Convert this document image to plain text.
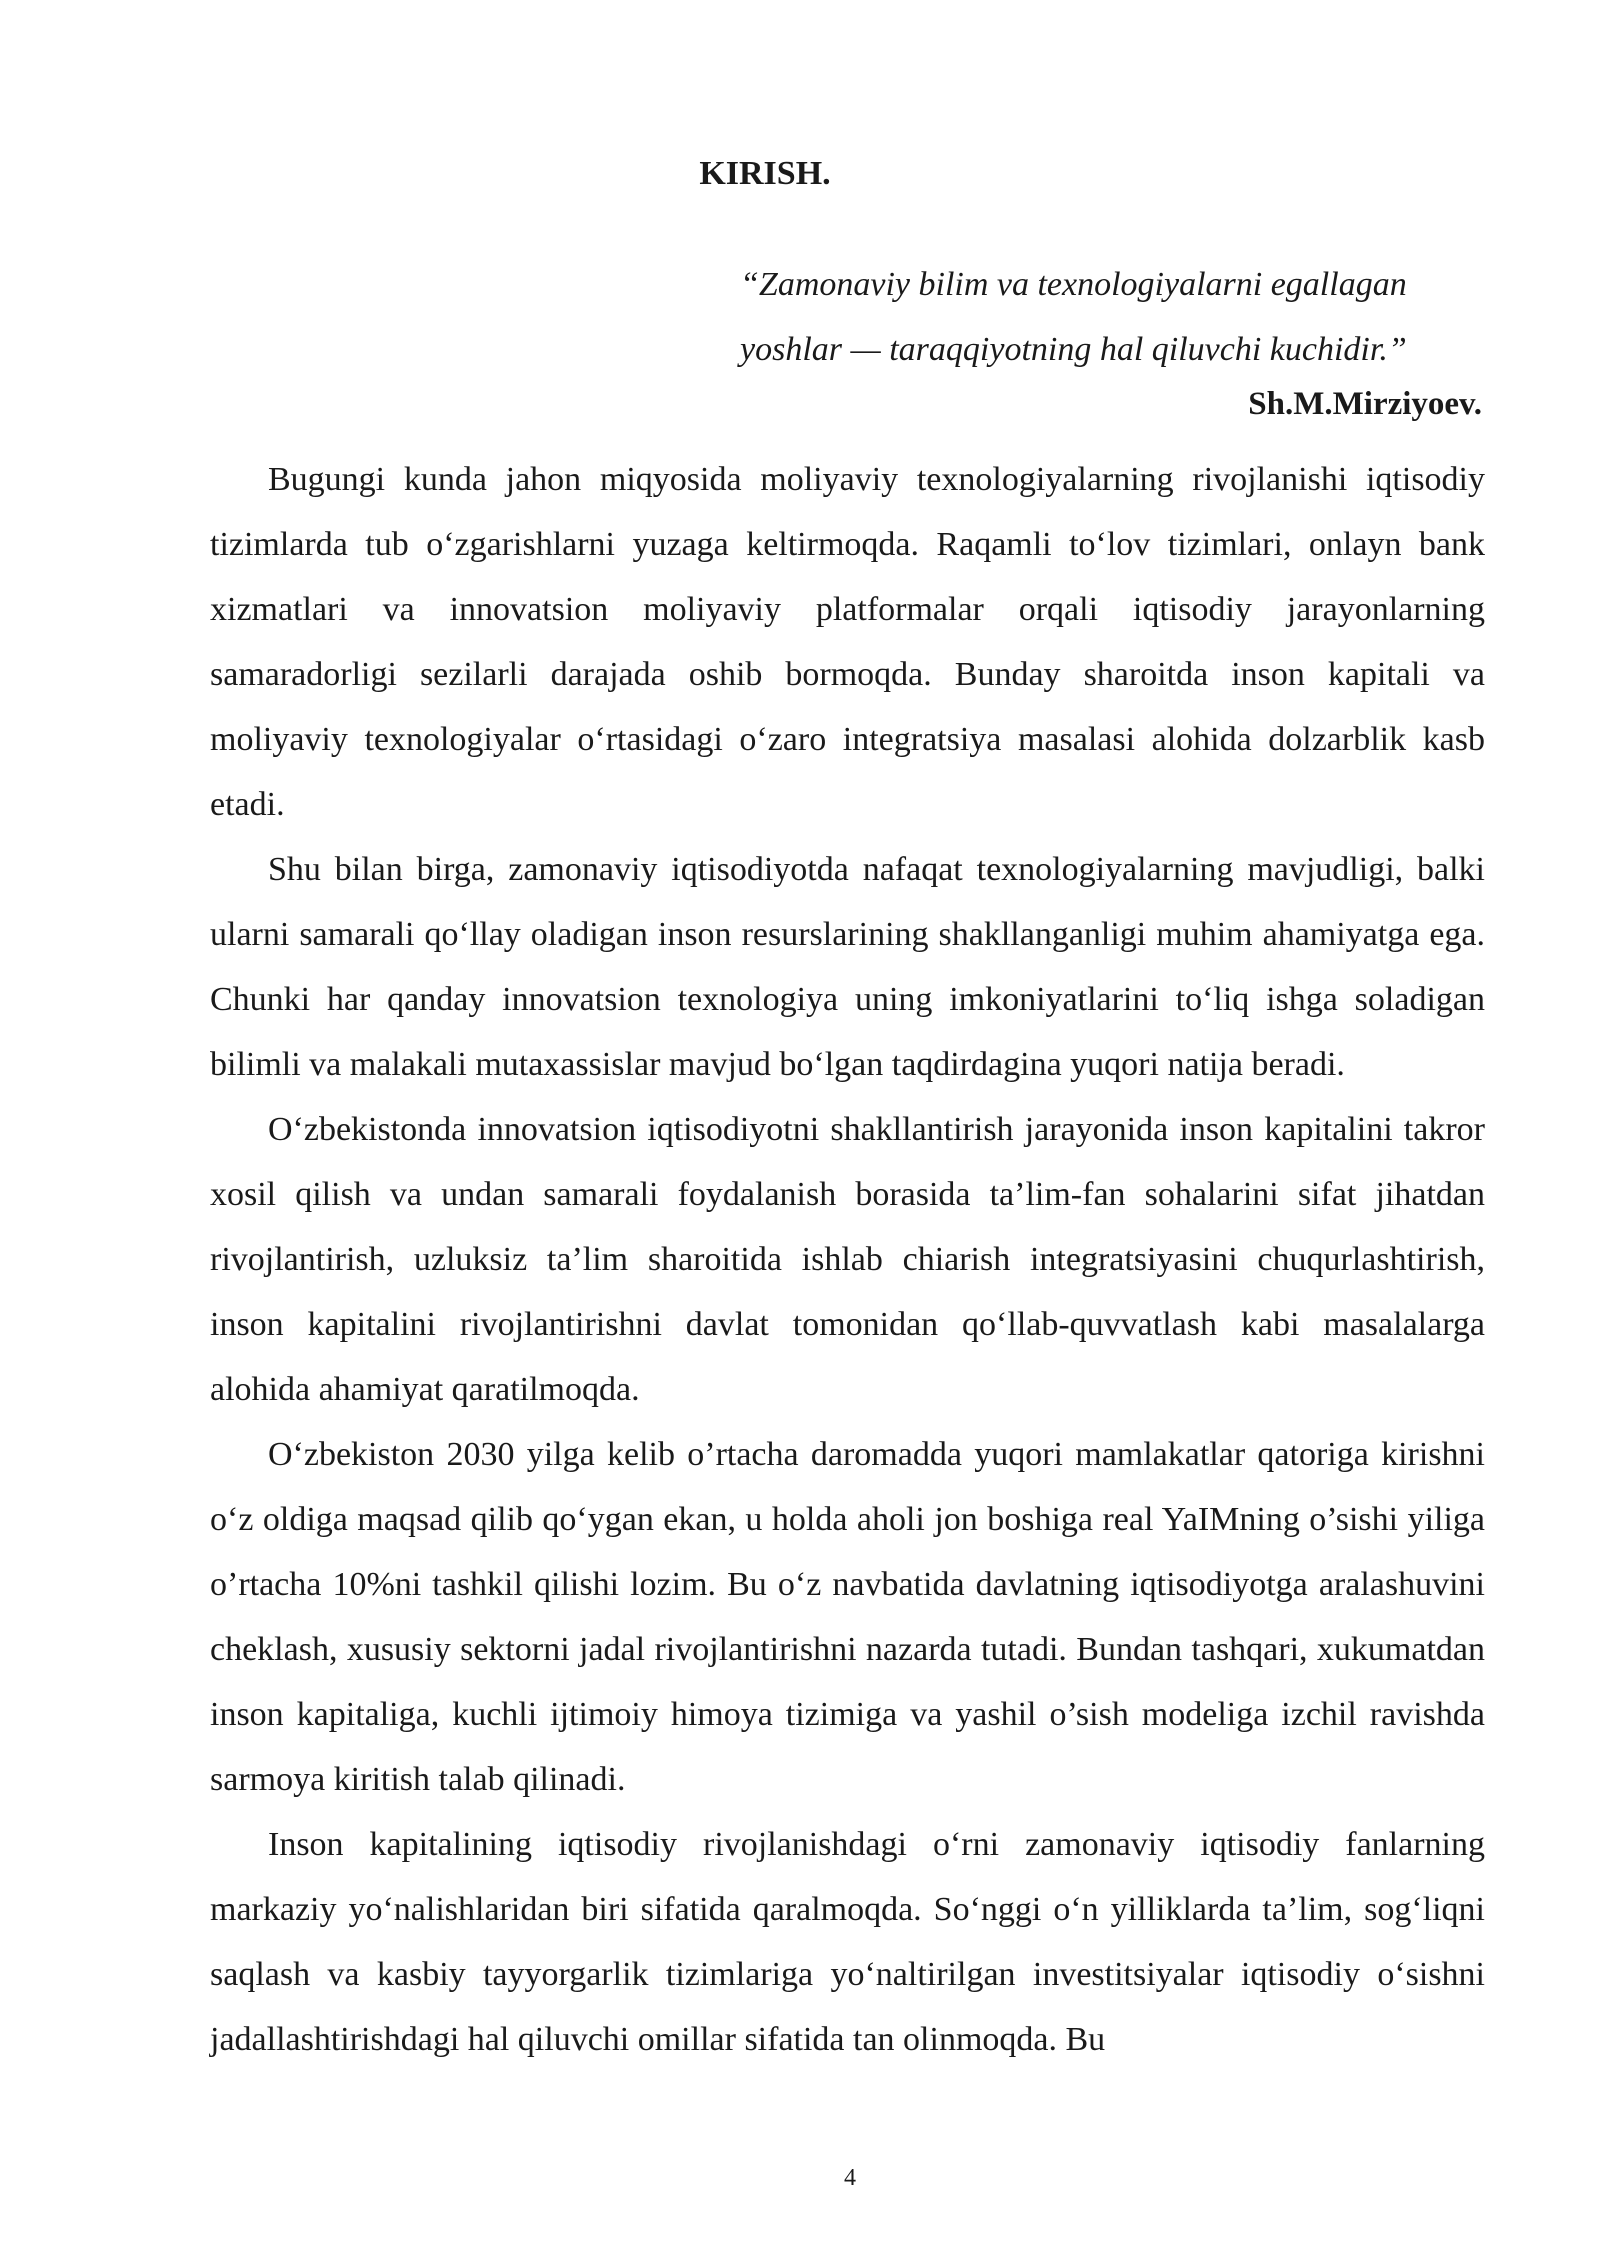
KIRISH.
“Zamonaviy bilim va texnologiyalarni egallagan
yoshlar — taraqqiyotning hal qiluvchi kuchidir.”
Sh.M.Mirziyoev.

Bugungi kunda jahon miqyosida moliyaviy texnologiyalarning rivojlanishi iqtisodiy tizimlarda tub o‘zgarishlarni yuzaga keltirmoqda. Raqamli to‘lov tizimlari, onlayn bank xizmatlari va innovatsion moliyaviy platformalar orqali iqtisodiy jarayonlarning samaradorligi sezilarli darajada oshib bormoqda. Bunday sharoitda inson kapitali va moliyaviy texnologiyalar o‘rtasidagi o‘zaro integratsiya masalasi alohida dolzarblik kasb etadi.

Shu bilan birga, zamonaviy iqtisodiyotda nafaqat texnologiyalarning mavjudligi, balki ularni samarali qo‘llay oladigan inson resurslarining shakllanganligi muhim ahamiyatga ega. Chunki har qanday innovatsion texnologiya uning imkoniyatlarini to‘liq ishga soladigan bilimli va malakali mutaxassislar mavjud bo‘lgan taqdirdagina yuqori natija beradi.

O‘zbekistonda innovatsion iqtisodiyotni shakllantirish jarayonida inson kapitalini takror xosil qilish va undan samarali foydalanish borasida ta’lim-fan sohalarini sifat jihatdan rivojlantirish, uzluksiz ta’lim sharoitida ishlab chiarish integratsiyasini chuqurlashtirish, inson kapitalini rivojlantirishni davlat tomonidan qo‘llab-quvvatlash kabi masalalarga alohida ahamiyat qaratilmoqda.

O‘zbekiston 2030 yilga kelib o’rtacha daromadda yuqori mamlakatlar qatoriga kirishni o‘z oldiga maqsad qilib qo‘ygan ekan, u holda aholi jon boshiga real YaIMning o’sishi yiliga o’rtacha 10%ni tashkil qilishi lozim. Bu o‘z navbatida davlatning iqtisodiyotga aralashuvini cheklash, xususiy sektorni jadal rivojlantirishni nazarda tutadi. Bundan tashqari, xukumatdan inson kapitaliga, kuchli ijtimoiy himoya tizimiga va yashil o’sish modeliga izchil ravishda sarmoya kiritish talab qilinadi.

Inson kapitalining iqtisodiy rivojlanishdagi o‘rni zamonaviy iqtisodiy fanlarning markaziy yo‘nalishlaridan biri sifatida qaralmoqda. So‘nggi o‘n yilliklarda ta’lim, sog‘liqni saqlash va kasbiy tayyorgarlik tizimlariga yo‘naltirilgan investitsiyalar iqtisodiy o‘sishni jadallashtirishdagi hal qiluvchi omillar sifatida tan olinmoqda. Bu

4
